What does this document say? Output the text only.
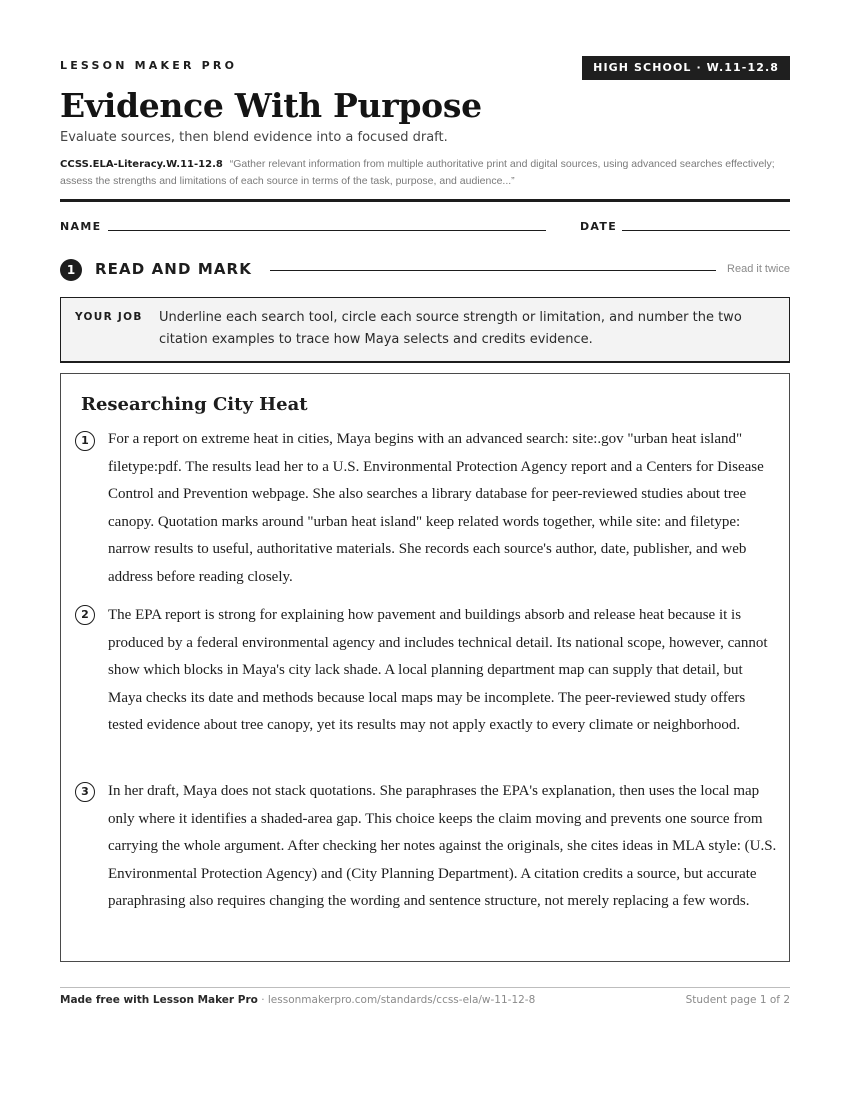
LESSON MAKER PRO	HIGH SCHOOL · W.11-12.8
Evidence With Purpose
Evaluate sources, then blend evidence into a focused draft.
CCSS.ELA-Literacy.W.11-12.8 “Gather relevant information from multiple authoritative print and digital sources, using advanced searches effectively; assess the strengths and limitations of each source in terms of the task, purpose, and audience...”
NAME	DATE
1	READ AND MARK	Read it twice
YOUR JOB Underline each search tool, circle each source strength or limitation, and number the two citation examples to trace how Maya selects and credits evidence.
Researching City Heat
1	For a report on extreme heat in cities, Maya begins with an advanced search: site:.gov "urban heat island" filetype:pdf. The results lead her to a U.S. Environmental Protection Agency report and a Centers for Disease Control and Prevention webpage. She also searches a library database for peer-reviewed studies about tree canopy. Quotation marks around "urban heat island" keep related words together, while site: and filetype: narrow results to useful, authoritative materials. She records each source's author, date, publisher, and web address before reading closely.
2	The EPA report is strong for explaining how pavement and buildings absorb and release heat because it is produced by a federal environmental agency and includes technical detail. Its national scope, however, cannot show which blocks in Maya's city lack shade. A local planning department map can supply that detail, but Maya checks its date and methods because local maps may be incomplete. The peer-reviewed study offers tested evidence about tree canopy, yet its results may not apply exactly to every climate or neighborhood.
3	In her draft, Maya does not stack quotations. She paraphrases the EPA's explanation, then uses the local map only where it identifies a shaded-area gap. This choice keeps the claim moving and prevents one source from carrying the whole argument. After checking her notes against the originals, she cites ideas in MLA style: (U.S. Environmental Protection Agency) and (City Planning Department). A citation credits a source, but accurate paraphrasing also requires changing the wording and sentence structure, not merely replacing a few words.
Made free with Lesson Maker Pro · lessonmakerpro.com/standards/ccss-ela/w-11-12-8	Student page 1 of 2
